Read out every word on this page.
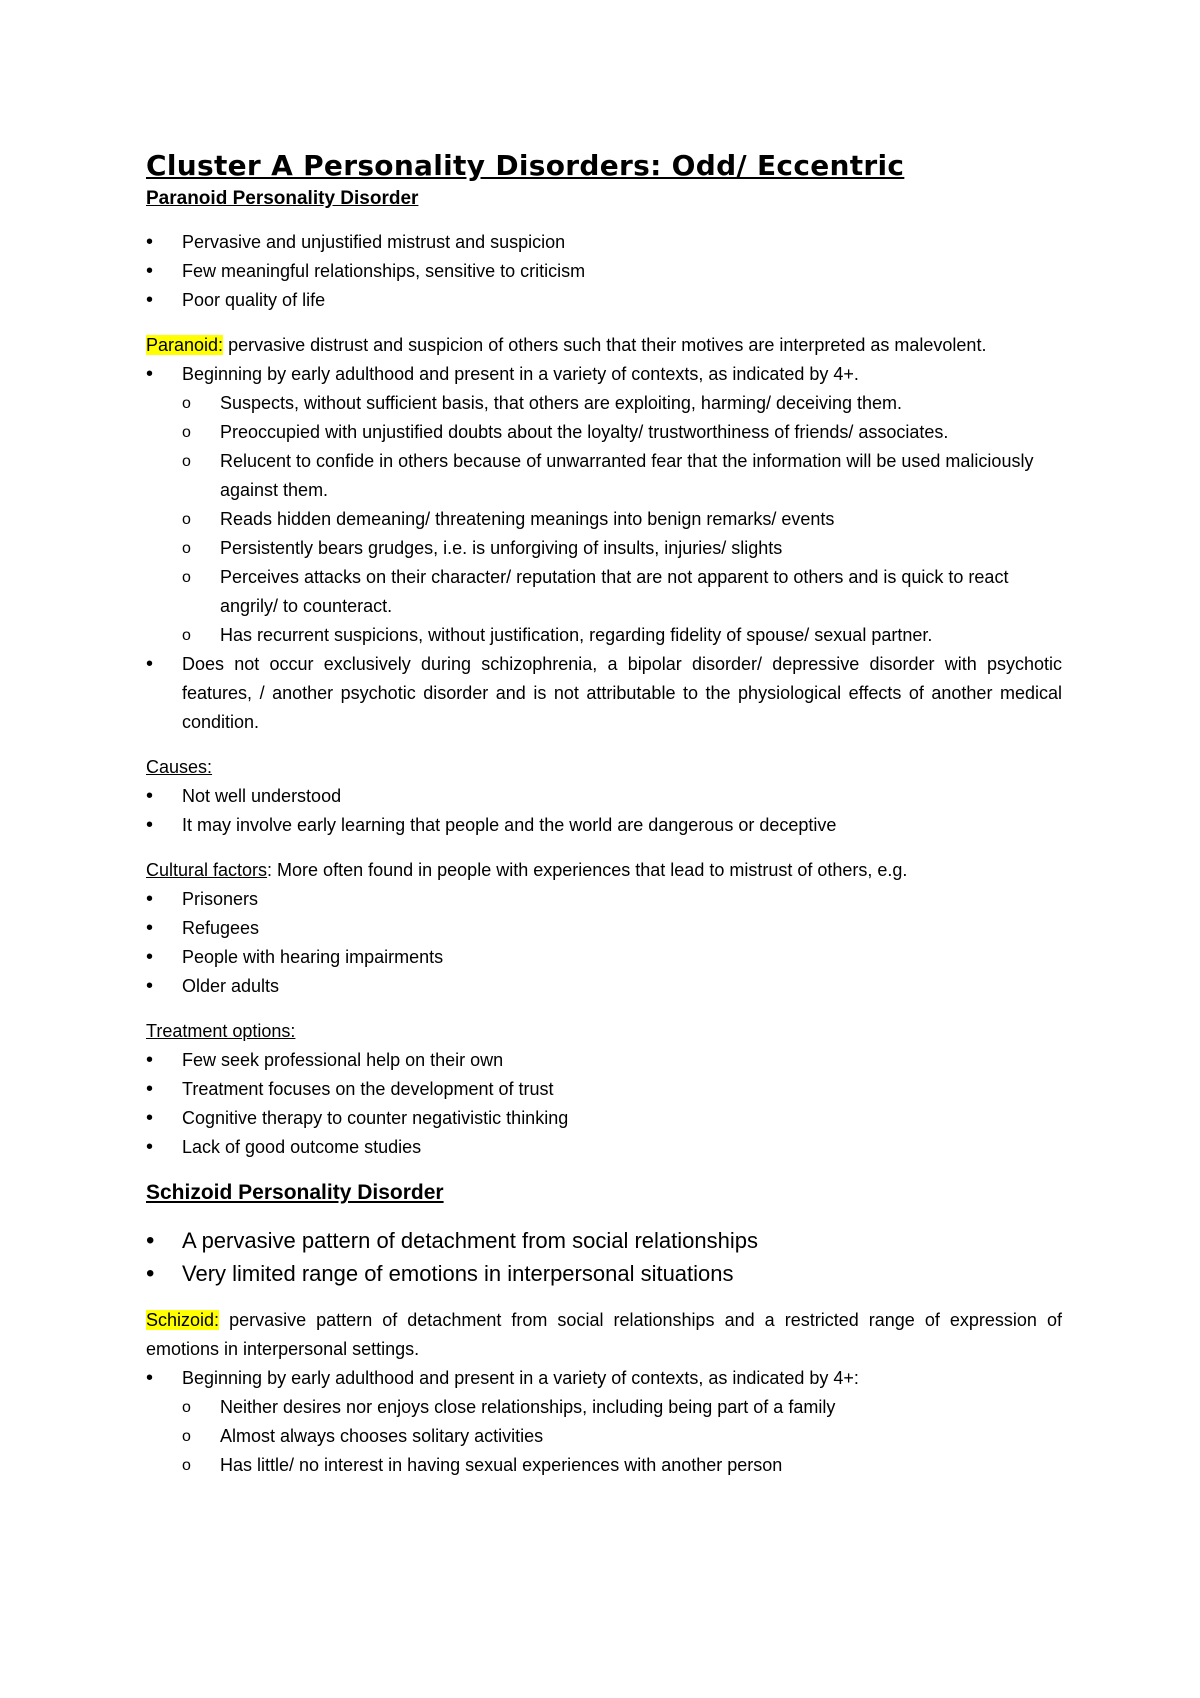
Cluster A Personality Disorders: Odd/ Eccentric
Paranoid Personality Disorder
• Pervasive and unjustified mistrust and suspicion
• Few meaningful relationships, sensitive to criticism
• Poor quality of life

Paranoid: pervasive distrust and suspicion of others such that their motives are interpreted as malevolent.

• Beginning by early adulthood and present in a variety of contexts, as indicated by 4+.
o Suspects, without sufficient basis, that others are exploiting, harming/ deceiving them.
o Preoccupied with unjustified doubts about the loyalty/ trustworthiness of friends/ associates.
o Relucent to confide in others because of unwarranted fear that the information will be used maliciously against them.
o Reads hidden demeaning/ threatening meanings into benign remarks/ events
o Persistently bears grudges, i.e. is unforgiving of insults, injuries/ slights
o Perceives attacks on their character/ reputation that are not apparent to others and is quick to react angrily/ to counteract.
o Has recurrent suspicions, without justification, regarding fidelity of spouse/ sexual partner.
• Does not occur exclusively during schizophrenia, a bipolar disorder/ depressive disorder with psychotic features, / another psychotic disorder and is not attributable to the physiological effects of another medical condition.
Causes:
• Not well understood
• It may involve early learning that people and the world are dangerous or deceptive
Cultural factors: More often found in people with experiences that lead to mistrust of others, e.g.
• Prisoners
• Refugees
• People with hearing impairments
• Older adults
Treatment options:
• Few seek professional help on their own
• Treatment focuses on the development of trust
• Cognitive therapy to counter negativistic thinking
• Lack of good outcome studies
Schizoid Personality Disorder
• A pervasive pattern of detachment from social relationships
• Very limited range of emotions in interpersonal situations

Schizoid: pervasive pattern of detachment from social relationships and a restricted range of expression of emotions in interpersonal settings.

• Beginning by early adulthood and present in a variety of contexts, as indicated by 4+:
o Neither desires nor enjoys close relationships, including being part of a family
o Almost always chooses solitary activities
o Has little/ no interest in having sexual experiences with another person
